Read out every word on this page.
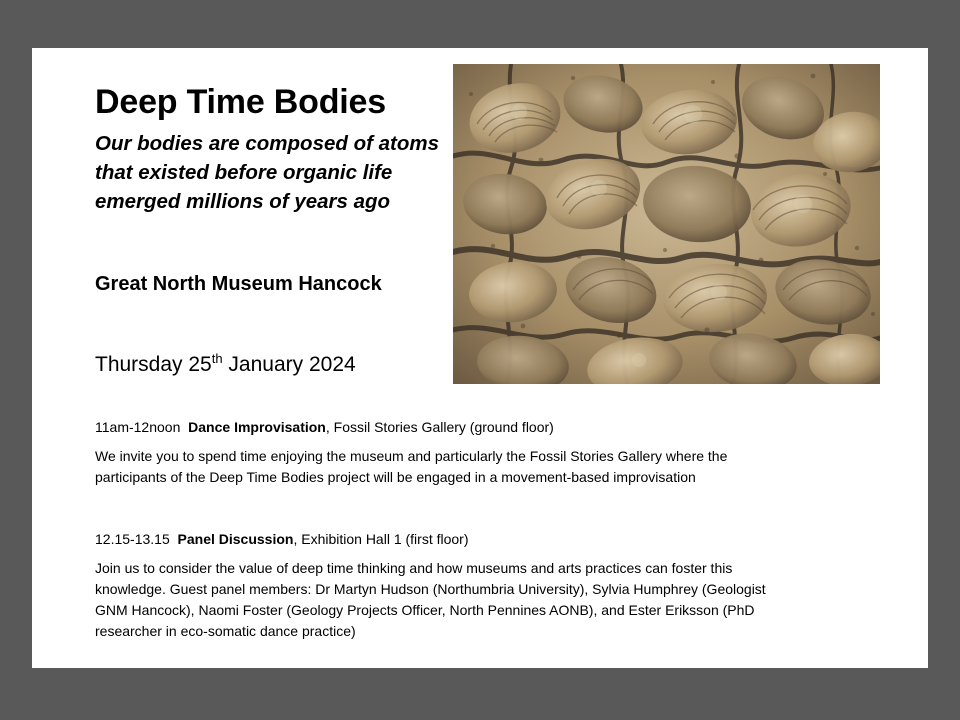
Deep Time Bodies

Our bodies are composed of atoms that existed before organic life emerged millions of years ago

Great North Museum Hancock

Thursday 25th January 2024

11am-12noon Dance Improvisation, Fossil Stories Gallery (ground floor)

We invite you to spend time enjoying the museum and particularly the Fossil Stories Gallery where the participants of the Deep Time Bodies project will be engaged in a movement-based improvisation

12.15-13.15 Panel Discussion, Exhibition Hall 1 (first floor)

Join us to consider the value of deep time thinking and how museums and arts practices can foster this knowledge. Guest panel members: Dr Martyn Hudson (Northumbria University), Sylvia Humphrey (Geologist GNM Hancock), Naomi Foster (Geology Projects Officer, North Pennines AONB), and Ester Eriksson (PhD researcher in eco-somatic dance practice)
